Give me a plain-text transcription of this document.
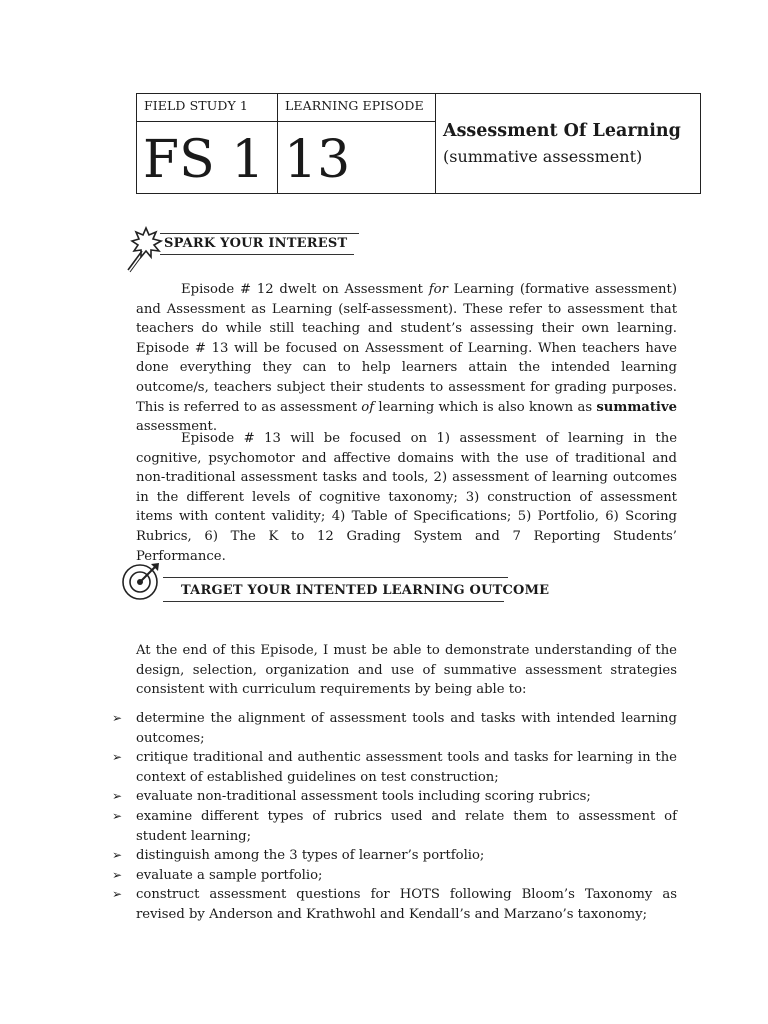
FIELD STUDY 1	LEARNING EPISODE
FS 1 13	Assessment Of Learning
(summative assessment)
SPARK YOUR INTEREST

Episode # 12 dwelt on Assessment for Learning (formative assessment) and Assessment as Learning (self-assessment). These refer to assessment that teachers do while still teaching and student’s assessing their own learning. Episode # 13 will be focused on Assessment of Learning. When teachers have done everything they can to help learners attain the intended learning outcome/s, teachers subject their students to assessment for grading purposes. This is referred to as assessment of learning which is also known as summative assessment.

Episode # 13 will be focused on 1) assessment of learning in the cognitive, psychomotor and affective domains with the use of traditional and non-traditional assessment tasks and tools, 2) assessment of learning outcomes in the different levels of cognitive taxonomy; 3) construction of assessment items with content validity; 4) Table of Specifications; 5) Portfolio, 6) Scoring Rubrics, 6) The K to 12 Grading System and 7 Reporting Students’ Performance.

TARGET YOUR INTENTED LEARNING OUTCOME

At the end of this Episode, I must be able to demonstrate understanding of the design, selection, organization and use of summative assessment strategies consistent with curriculum requirements by being able to:

➢ determine the alignment of assessment tools and tasks with intended learning outcomes;
➢ critique traditional and authentic assessment tools and tasks for learning in the context of established guidelines on test construction;
➢ evaluate non-traditional assessment tools including scoring rubrics;
➢ examine different types of rubrics used and relate them to assessment of student learning;
➢ distinguish among the 3 types of learner’s portfolio;
➢ evaluate a sample portfolio;
➢ construct assessment questions for HOTS following Bloom’s Taxonomy as revised by Anderson and Krathwohl and Kendall’s and Marzano’s taxonomy;
